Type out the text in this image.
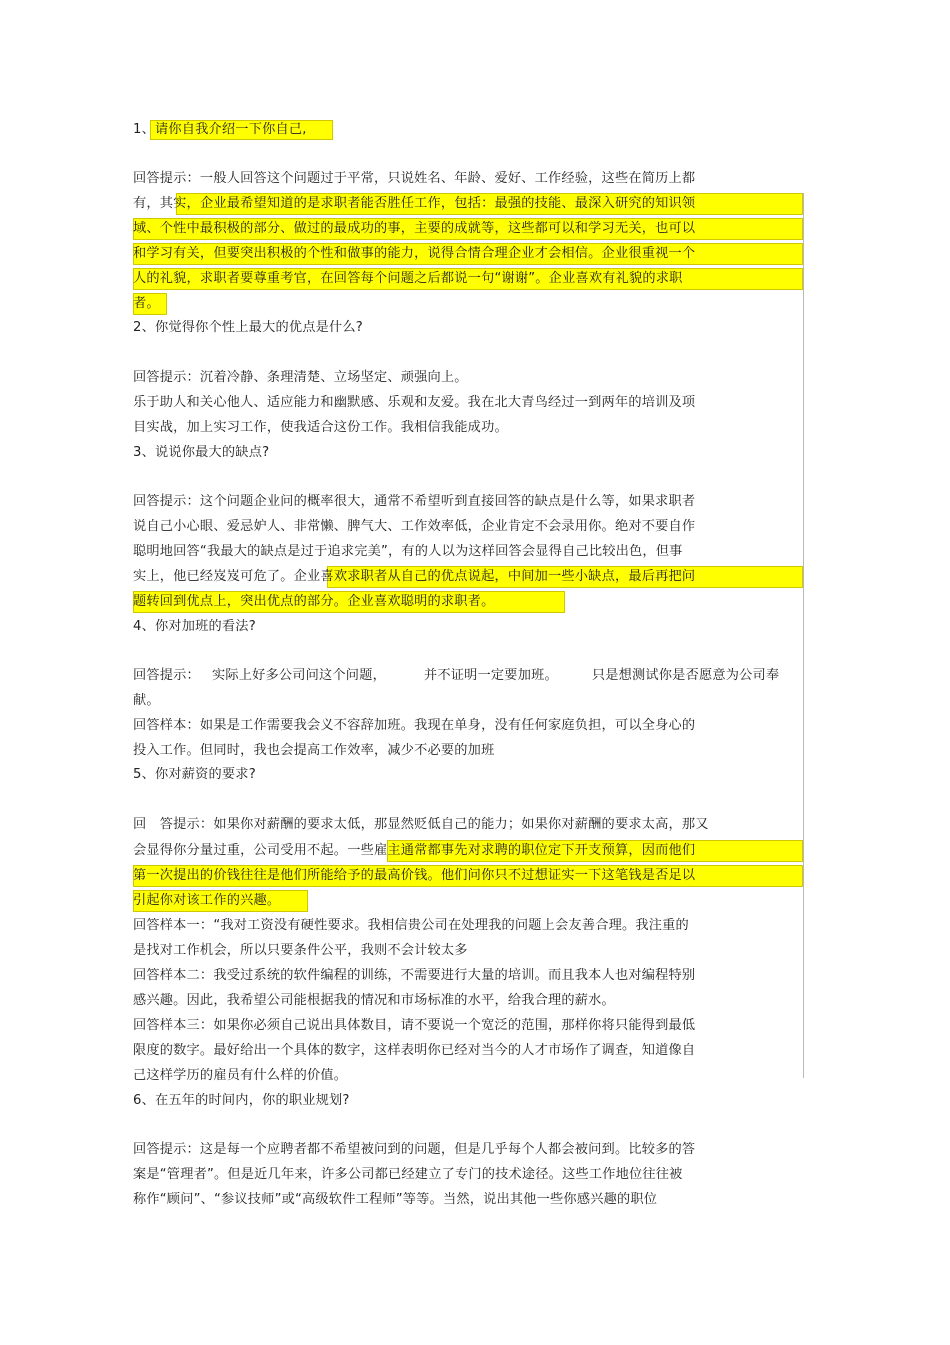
1、请你自我介绍一下你自己,
回答提示：一般人回答这个问题过于平常，只说姓名、年龄、爱好、工作经验，这些在简历上都
有，其实，企业最希望知道的是求职者能否胜任工作，包括：最强的技能、最深入研究的知识领
域、个性中最积极的部分、做过的最成功的事，主要的成就等，这些都可以和学习无关，也可以
和学习有关，但要突出积极的个性和做事的能力，说得合情合理企业才会相信。企业很重视一个
人的礼貌，求职者要尊重考官，在回答每个问题之后都说一句“谢谢”。企业喜欢有礼貌的求职
者。
2、你觉得你个性上最大的优点是什么?
回答提示：沉着冷静、条理清楚、立场坚定、顽强向上。
乐于助人和关心他人、适应能力和幽默感、乐观和友爱。我在北大青鸟经过一到两年的培训及项
目实战，加上实习工作，使我适合这份工作。我相信我能成功。
3、说说你最大的缺点?
回答提示：这个问题企业问的概率很大，通常不希望听到直接回答的缺点是什么等，如果求职者
说自己小心眼、爱忌妒人、非常懒、脾气大、工作效率低，企业肯定不会录用你。绝对不要自作
聪明地回答“我最大的缺点是过于追求完美”，有的人以为这样回答会显得自己比较出色，但事
实上，他已经岌岌可危了。企业喜欢求职者从自己的优点说起，中间加一些小缺点，最后再把问
题转回到优点上，突出优点的部分。企业喜欢聪明的求职者。
4、你对加班的看法?
回答提示： 实际上好多公司问这个问题，	并不证明一定要加班。	只是想测试你是否愿意为公司奉
献。
回答样本：如果是工作需要我会义不容辞加班。我现在单身，没有任何家庭负担，可以全身心的
投入工作。但同时，我也会提高工作效率，减少不必要的加班
5、你对薪资的要求?
回　答提示：如果你对薪酬的要求太低，那显然贬低自己的能力；如果你对薪酬的要求太高，那又
会显得你分量过重，公司受用不起。一些雇主通常都事先对求聘的职位定下开支预算，因而他们
第一次提出的价钱往往是他们所能给予的最高价钱。他们问你只不过想证实一下这笔钱是否足以
引起你对该工作的兴趣。
回答样本一：“我对工资没有硬性要求。我相信贵公司在处理我的问题上会友善合理。我注重的
是找对工作机会，所以只要条件公平，我则不会计较太多
回答样本二：我受过系统的软件编程的训练，不需要进行大量的培训。而且我本人也对编程特别
感兴趣。因此，我希望公司能根据我的情况和市场标准的水平，给我合理的薪水。
回答样本三：如果你必须自己说出具体数目，请不要说一个宽泛的范围，那样你将只能得到最低
限度的数字。最好给出一个具体的数字，这样表明你已经对当今的人才市场作了调查，知道像自
己这样学历的雇员有什么样的价值。
6、在五年的时间内，你的职业规划?
回答提示：这是每一个应聘者都不希望被问到的问题，但是几乎每个人都会被问到。比较多的答
案是“管理者”。但是近几年来，许多公司都已经建立了专门的技术途径。这些工作地位往往被
称作“顾问”、“参议技师”或“高级软件工程师”等等。当然，说出其他一些你感兴趣的职位
